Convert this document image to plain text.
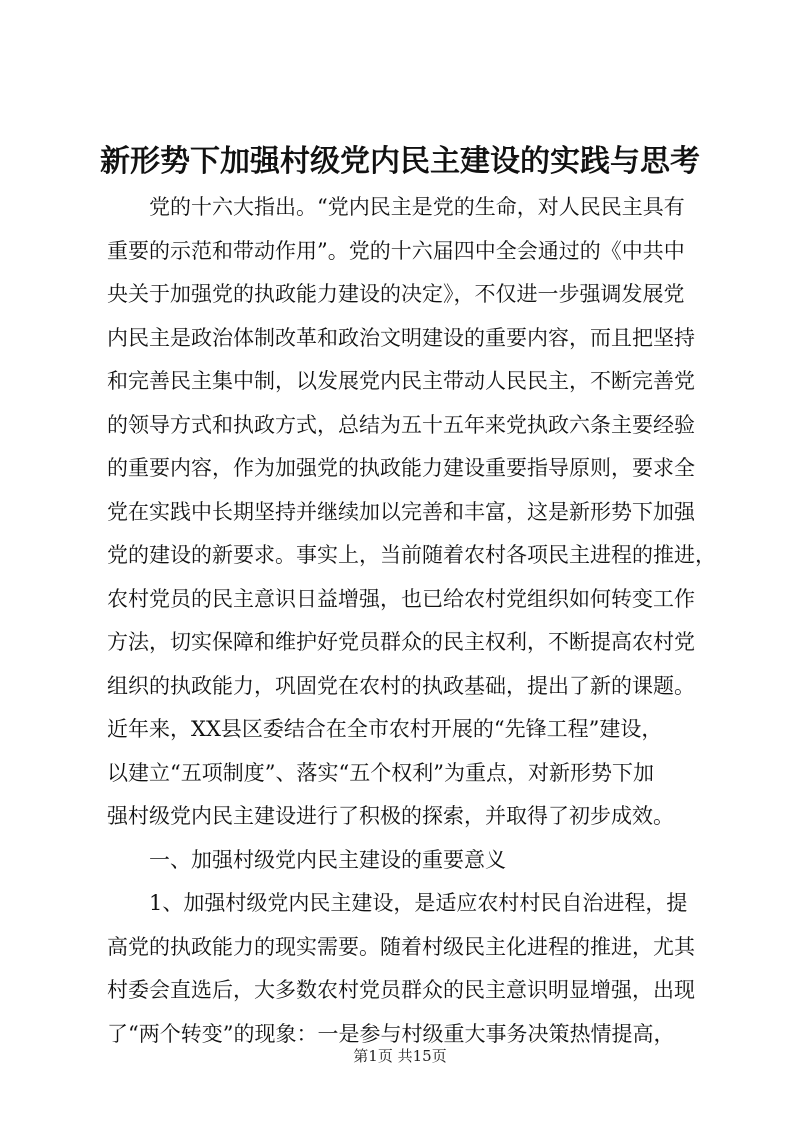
新形势下加强村级党内民主建设的实践与思考
党的十六大指出。“党内民主是党的生命，对人民民主具有
重要的示范和带动作用”。党的十六届四中全会通过的《中共中
央关于加强党的执政能力建设的决定》，不仅进一步强调发展党
内民主是政治体制改革和政治文明建设的重要内容，而且把坚持
和完善民主集中制，以发展党内民主带动人民民主，不断完善党
的领导方式和执政方式，总结为五十五年来党执政六条主要经验
的重要内容，作为加强党的执政能力建设重要指导原则，要求全
党在实践中长期坚持并继续加以完善和丰富，这是新形势下加强
党的建设的新要求。事实上，当前随着农村各项民主进程的推进，
农村党员的民主意识日益增强，也已给农村党组织如何转变工作
方法，切实保障和维护好党员群众的民主权利，不断提高农村党
组织的执政能力，巩固党在农村的执政基础，提出了新的课题。
近年来，XX县区委结合在全市农村开展的“先锋工程”建设，
以建立“五项制度”、落实“五个权利”为重点，对新形势下加
强村级党内民主建设进行了积极的探索，并取得了初步成效。
一、加强村级党内民主建设的重要意义
1、加强村级党内民主建设，是适应农村村民自治进程，提
高党的执政能力的现实需要。随着村级民主化进程的推进，尤其
村委会直选后，大多数农村党员群众的民主意识明显增强，出现
了“两个转变”的现象：一是参与村级重大事务决策热情提高，
第1页 共15页
